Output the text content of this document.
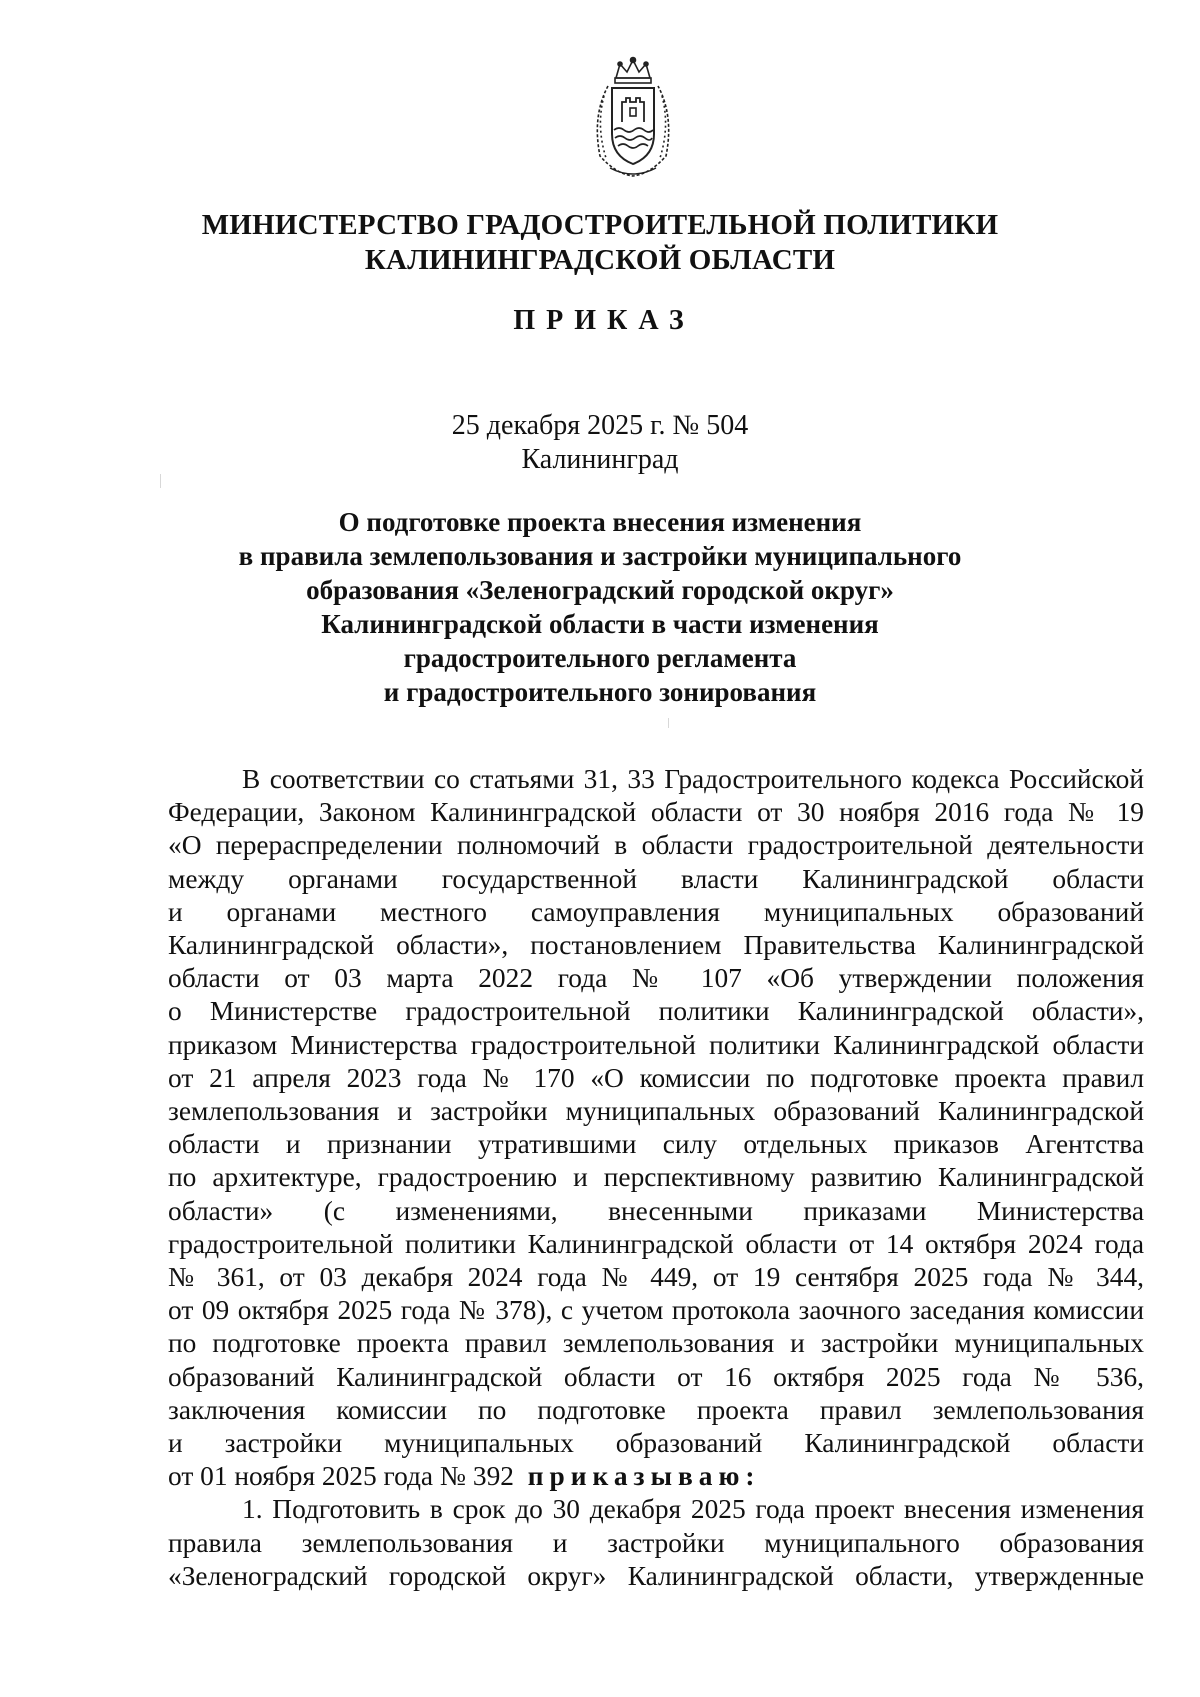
МИНИСТЕРСТВО ГРАДОСТРОИТЕЛЬНОЙ ПОЛИТИКИ
КАЛИНИНГРАДСКОЙ ОБЛАСТИ
ПРИКАЗ
25 декабря 2025 г. № 504
Калининград
О подготовке проекта внесения изменения
в правила землепользования и застройки муниципального
образования «Зеленоградский городской округ»
Калининградской области в части изменения
градостроительного регламента
и градостроительного зонирования
В соответствии со статьями 31, 33 Градостроительного кодекса Российской
Федерации, Законом Калининградской области от 30 ноября 2016 года № 19
«О перераспределении полномочий в области градостроительной деятельности
между органами государственной власти Калининградской области
и органами местного самоуправления муниципальных образований
Калининградской области», постановлением Правительства Калининградской
области от 03 марта 2022 года № 107 «Об утверждении положения
о Министерстве градостроительной политики Калининградской области»,
приказом Министерства градостроительной политики Калининградской области
от 21 апреля 2023 года № 170 «О комиссии по подготовке проекта правил
землепользования и застройки муниципальных образований Калининградской
области и признании утратившими силу отдельных приказов Агентства
по архитектуре, градостроению и перспективному развитию Калининградской
области» (с изменениями, внесенными приказами Министерства
градостроительной политики Калининградской области от 14 октября 2024 года
№ 361, от 03 декабря 2024 года № 449, от 19 сентября 2025 года № 344,
от 09 октября 2025 года № 378), с учетом протокола заочного заседания комиссии
по подготовке проекта правил землепользования и застройки муниципальных
образований Калининградской области от 16 октября 2025 года № 536,
заключения комиссии по подготовке проекта правил землепользования
и застройки муниципальных образований Калининградской области
от 01 ноября 2025 года № 392 приказываю:
1. Подготовить в срок до 30 декабря 2025 года проект внесения изменения
правила землепользования и застройки муниципального образования
«Зеленоградский городской округ» Калининградской области, утвержденные
